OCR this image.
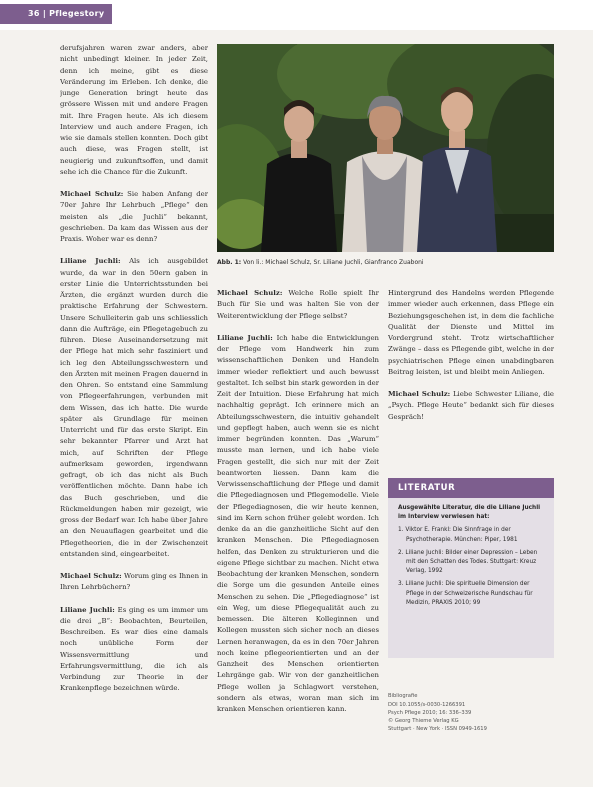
36 | Pflegestory

derufsjahren waren zwar anders, aber nicht unbedingt kleiner. In jeder Zeit, denn ich meine, gibt es diese Veränderung im Erleben. Ich denke, die junge Generation bringt heute das grössere Wissen mit und andere Fragen mit. Ihre Fragen heute. Als ich diesem Interview und auch andere Fragen, ich wie sie damals stellen konnten. Doch gibt auch diese, was Fragen stellt, ist neugierig und zukunftsoffen, und damit sehe ich die Chance für die Zukunft.

Michael Schulz: Sie haben Anfang der 70er Jahre Ihr Lehrbuch „Pflege“ den meisten als „die Juchli“ bekannt, geschrieben. Da kam das Wissen aus der Praxis. Woher war es denn?

Liliane Juchli: Als ich ausgebildet wurde, da war in den 50ern gaben in erster Linie die Unterrichtsstunden bei Ärzten, die ergänzt wurden durch die praktische Erfahrung der Schwestern. Unsere Schulleiterin gab uns schliesslich dann die Aufträge, ein Pflegetagebuch zu führen. Diese Auseinandersetzung mit der Pflege hat mich sehr fasziniert und ich leg den Abteilungsschwestern und den Ärzten mit meinen Fragen dauernd in den Ohren. So entstand eine Sammlung von Pflegeerfahrungen, verbunden mit dem Wissen, das ich hatte. Die wurde später als Grundlage für meinen Unterricht und für das erste Skript. Ein sehr bekannter Pfarrer und Arzt hat mich, auf Schriften der Pflege aufmerksam geworden, irgendwann gefragt, ob ich das nicht als Buch veröffentlichen möchte. Dann habe ich das Buch geschrieben, und die Rückmeldungen haben mir gezeigt, wie gross der Bedarf war. Ich habe über Jahre an den Neuauflagen gearbeitet und die Pflegetheorien, die in der Zwischenzeit entstanden sind, eingearbeitet.

Michael Schulz: Worum ging es Ihnen in Ihren Lehrbüchern?

Liliane Juchli: Es ging es um immer um die drei „B“: Beobachten, Beurteilen, Beschreiben. Es war dies eine damals noch unübliche Form der Wissensvermittlung und Erfahrungsvermittlung, die ich als Verbindung zur Theorie in der Krankenpflege bezeichnen würde.

Abb. 1: Von li.: Michael Schulz, Sr. Liliane Juchli, Gianfranco Zuaboni

Michael Schulz: Welche Rolle spielt Ihr Buch für Sie und was halten Sie von der Weiterentwicklung der Pflege selbst?

Liliane Juchli: Ich habe die Entwicklungen der Pflege vom Handwerk hin zum wissenschaftlichen Denken und Handeln immer wieder reflektiert und auch bewusst gestaltet. Ich selbst bin stark geworden in der Zeit der Intuition. Diese Erfahrung hat mich nachhaltig geprägt. Ich erinnere mich an Abteilungsschwestern, die intuitiv gehandelt und gepflegt haben, auch wenn sie es nicht immer begründen konnten. Das „Warum“ musste man lernen, und ich habe viele Fragen gestellt, die sich nur mit der Zeit beantworten liessen. Dann kam die Verwissenschaftlichung der Pflege und damit die Pflegediagnosen und Pflegemodelle. Viele der Pflegediagnosen, die wir heute kennen, sind im Kern schon früher gelebt worden. Ich denke da an die ganzheitliche Sicht auf den kranken Menschen. Die Pflegediagnosen helfen, das Denken zu strukturieren und die eigene Pflege sichtbar zu machen. Nicht etwa Beobachtung der kranken Menschen, sondern die Sorge um die gesunden Anteile eines Menschen zu sehen. Die „Pflegediagnose“ ist ein Weg, um diese Pflegequalität auch zu bemessen. Die älteren Kolleginnen und Kollegen mussten sich sicher noch an dieses Lernen heranwagen, da es in den 70er Jahren noch keine pflegeorientierten und an der Ganzheit des Menschen orientierten Lehrgänge gab. Wir von der ganzheitlichen Pflege wollen ja Schlagwort verstehen, sondern als etwas, woran man sich im kranken Menschen orientieren kann.

Hintergrund des Handelns werden Pflegende immer wieder auch erkennen, dass Pflege ein Beziehungsgeschehen ist, in dem die fachliche Qualität der Dienste und Mittel im Vordergrund steht. Trotz wirtschaftlicher Zwänge – dass es Pflegende gibt, welche in der psychiatrischen Pflege einen unabdingbaren Beitrag leisten, ist und bleibt mein Anliegen.

Michael Schulz: Liebe Schwester Liliane, die „Psych. Pflege Heute“ bedankt sich für dieses Gespräch!

LITERATUR
Ausgewählte Literatur, die die Liliane Juchli im Interview verwiesen hat:
1. Viktor E. Frankl: Die Sinnfrage in der Psychotherapie. München: Piper, 1981
2. Liliane Juchli: Bilder einer Depression – Leben mit den Schatten des Todes. Stuttgart: Kreuz Verlag, 1992
3. Liliane Juchli: Die spirituelle Dimension der Pflege in der Schweizerische Rundschau für Medizin, PRAXIS 2010; 99
Bibliografie
DOI 10.1055/s-0030-1266391
Psych Pflege 2010; 16: 336–339
© Georg Thieme Verlag KG
Stuttgart · New York · ISSN 0949-1619
